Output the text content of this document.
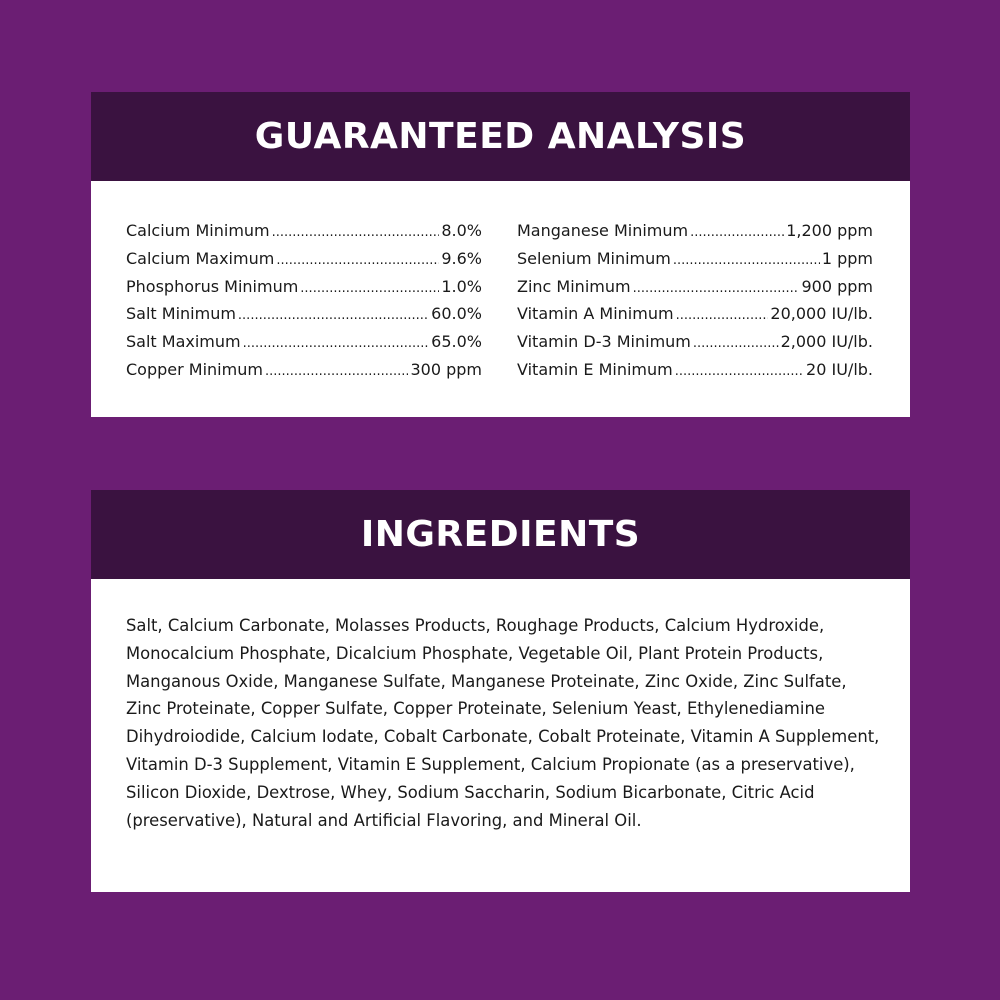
GUARANTEED ANALYSIS
Calcium Minimum .....	8.0%
Calcium Maximum .....	9.6%
Phosphorus Minimum .....	1.0%
Salt Minimum .....	60.0%
Salt Maximum .....	65.0%
Copper Minimum .....	300 ppm
Manganese Minimum .....	1,200 ppm
Selenium Minimum .....	1 ppm
Zinc Minimum .....	900 ppm
Vitamin A Minimum .....	20,000 IU/lb.
Vitamin D-3 Minimum .....	2,000 IU/lb.
Vitamin E Minimum .....	20 IU/lb.
INGREDIENTS
Salt, Calcium Carbonate, Molasses Products, Roughage Products, Calcium Hydroxide, Monocalcium Phosphate, Dicalcium Phosphate, Vegetable Oil, Plant Protein Products, Manganous Oxide, Manganese Sulfate, Manganese Proteinate, Zinc Oxide, Zinc Sulfate, Zinc Proteinate, Copper Sulfate, Copper Proteinate, Selenium Yeast, Ethylenediamine Dihydroiodide, Calcium Iodate, Cobalt Carbonate, Cobalt Proteinate, Vitamin A Supplement, Vitamin D-3 Supplement, Vitamin E Supplement, Calcium Propionate (as a preservative), Silicon Dioxide, Dextrose, Whey, Sodium Saccharin, Sodium Bicarbonate, Citric Acid (preservative), Natural and Artificial Flavoring, and Mineral Oil.
